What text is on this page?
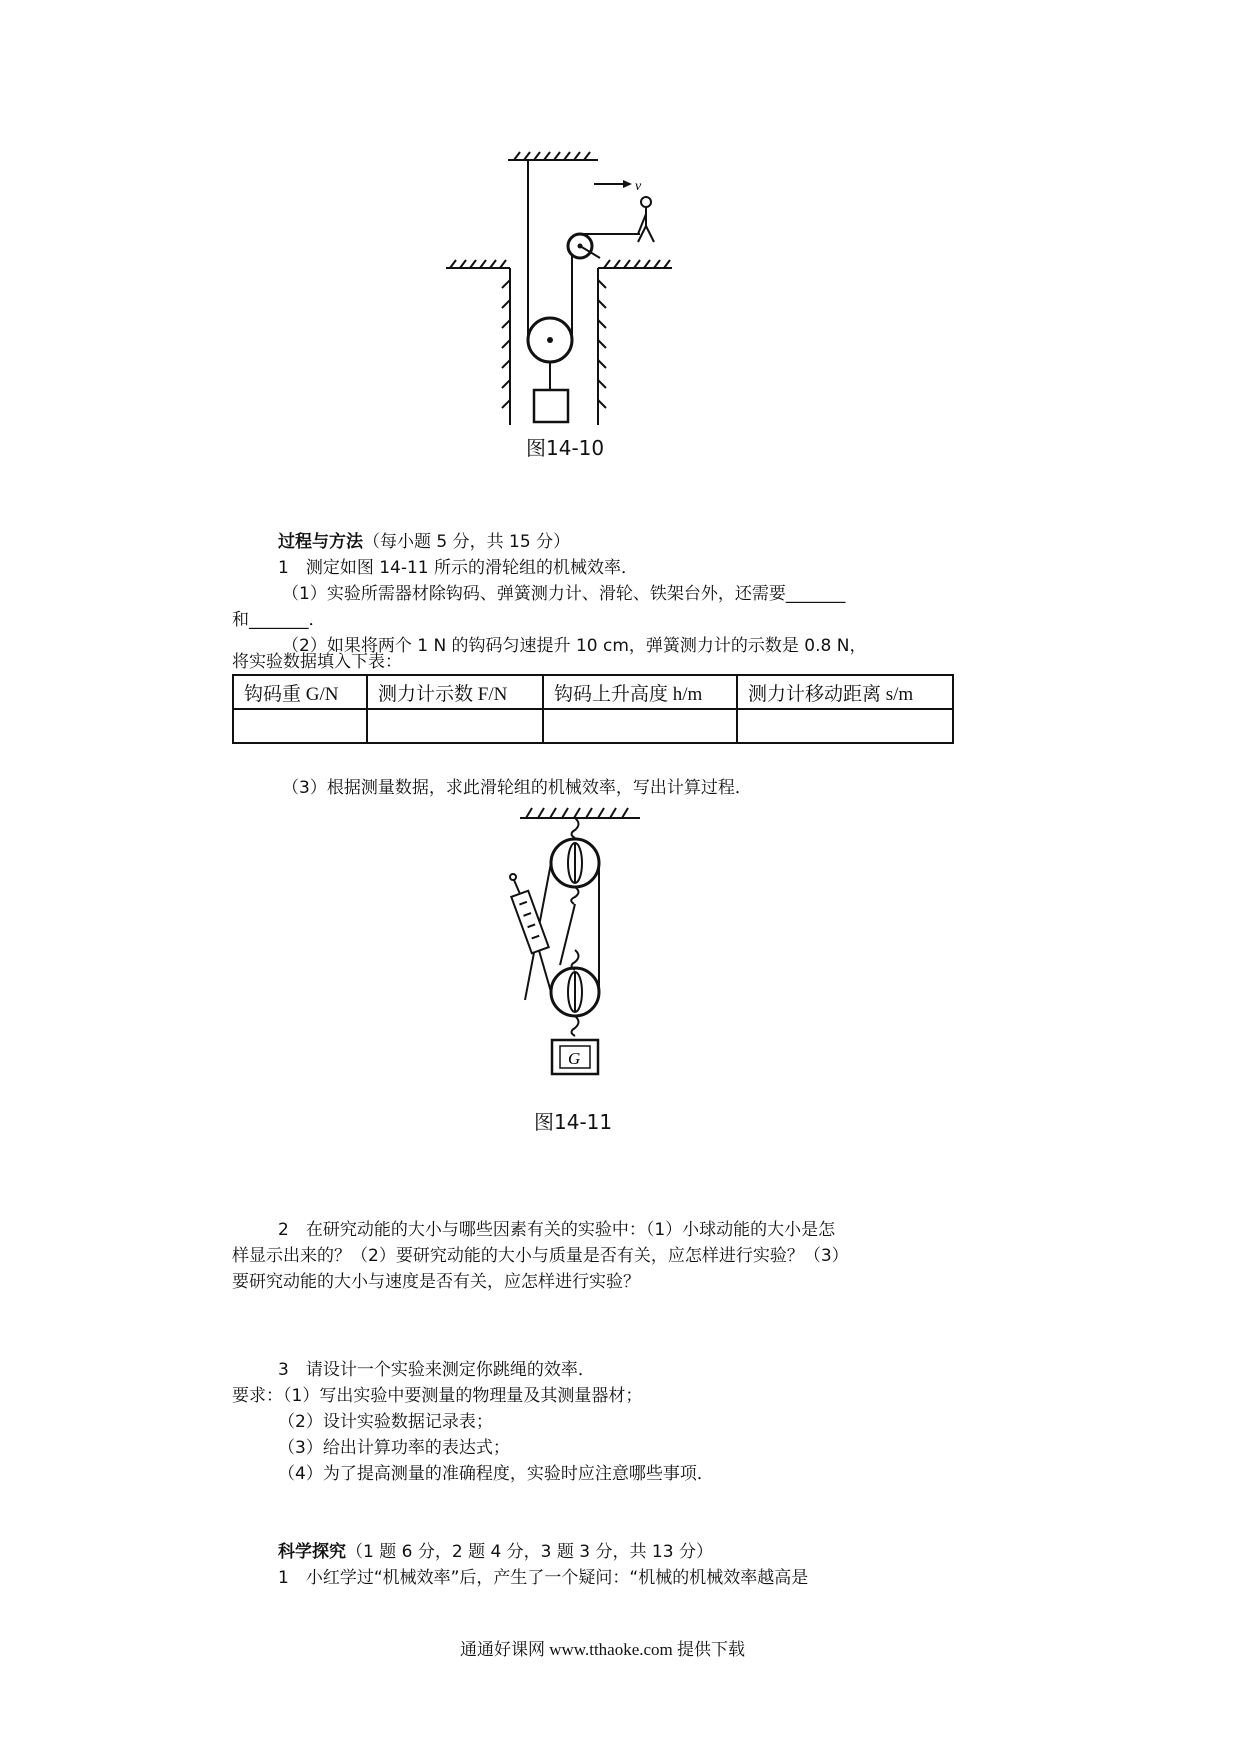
v
图14-10
过程与方法（每小题 5 分，共 15 分）
1　测定如图 14-11 所示的滑轮组的机械效率．
（1）实验所需器材除钩码、弹簧测力计、滑轮、铁架台外，还需要_______
和_______．
（2）如果将两个 1 N 的钩码匀速提升 10 cm，弹簧测力计的示数是 0.8 N，
将实验数据填入下表：
钩码重 G/N	测力计示数 F/N	钩码上升高度 h/m	测力计移动距离 s/m

（3）根据测量数据，求此滑轮组的机械效率，写出计算过程．
G
图14-11
2　在研究动能的大小与哪些因素有关的实验中：（1）小球动能的大小是怎
样显示出来的？（2）要研究动能的大小与质量是否有关，应怎样进行实验？（3）
要研究动能的大小与速度是否有关，应怎样进行实验？
3　请设计一个实验来测定你跳绳的效率．
要求：（1）写出实验中要测量的物理量及其测量器材；
（2）设计实验数据记录表；
（3）给出计算功率的表达式；
（4）为了提高测量的准确程度，实验时应注意哪些事项．
科学探究（1 题 6 分，2 题 4 分，3 题 3 分，共 13 分）
1　小红学过“机械效率”后，产生了一个疑问：“机械的机械效率越高是
通通好课网 www.tthaoke.com 提供下载
